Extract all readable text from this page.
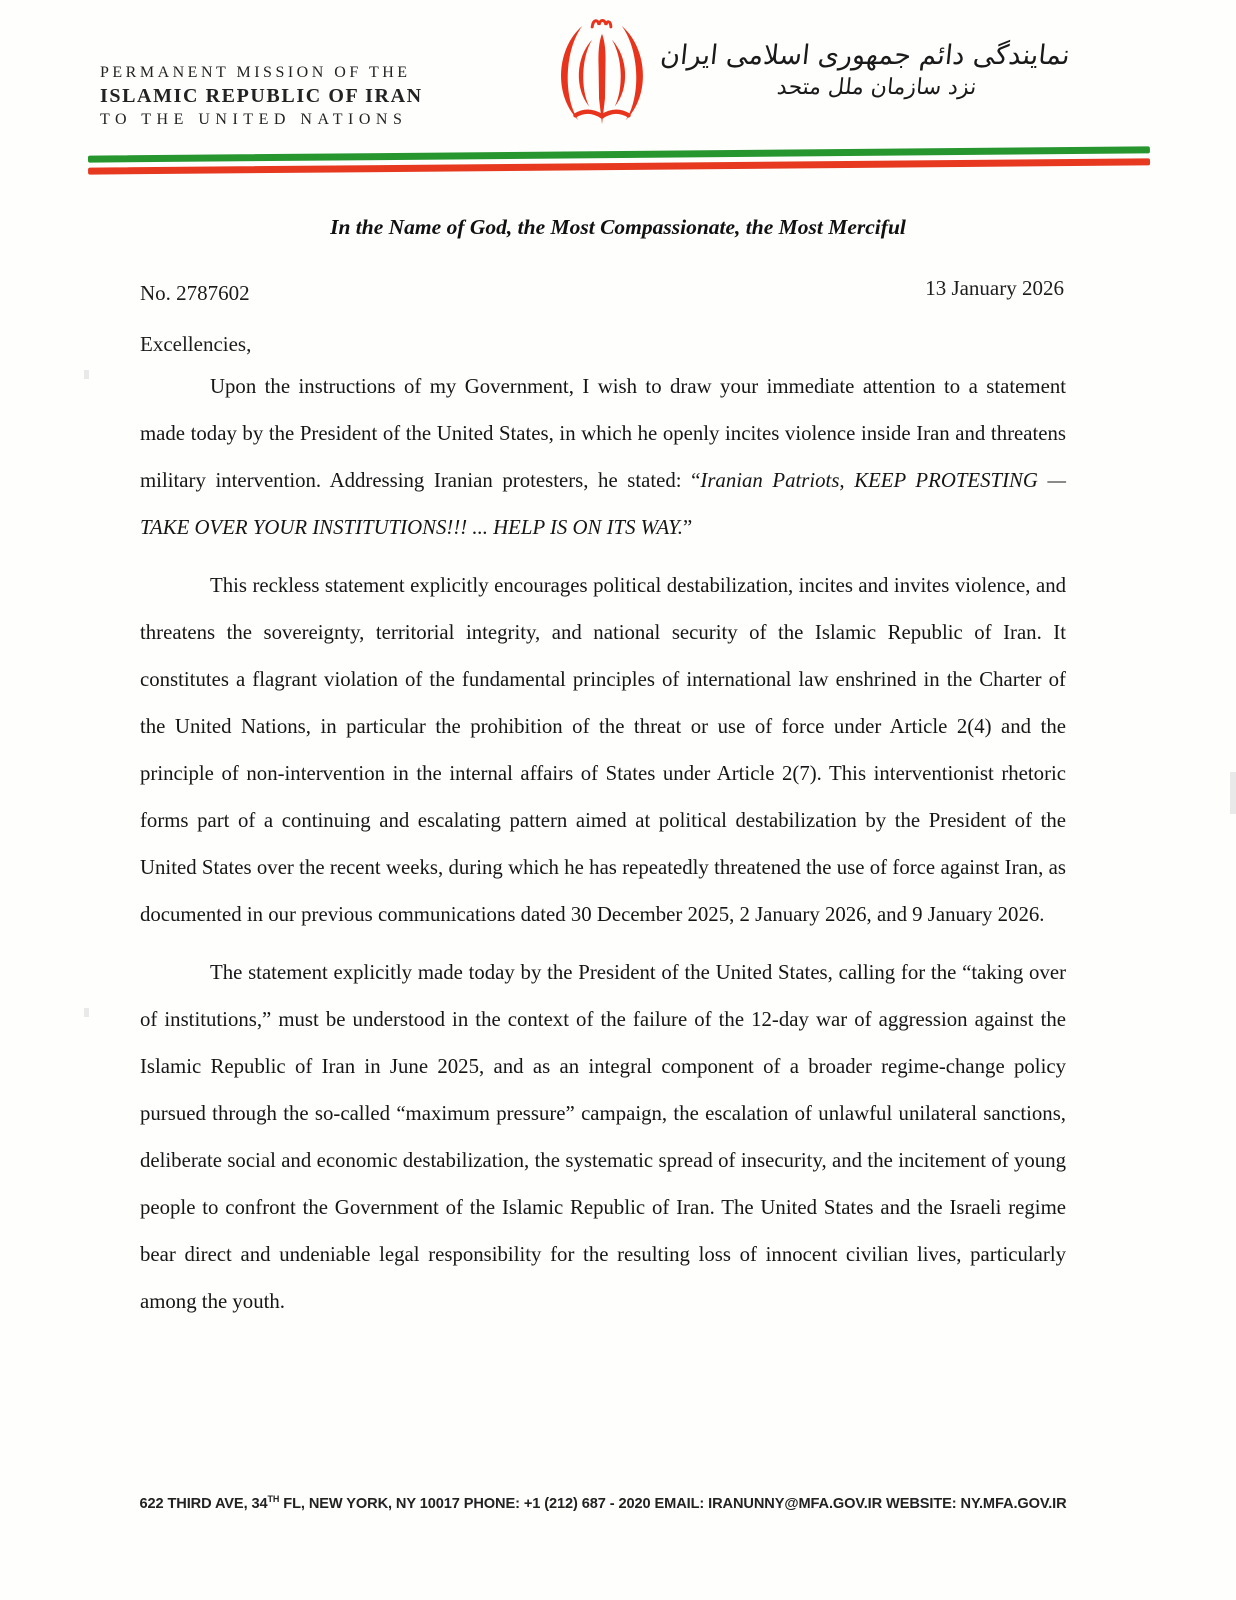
PERMANENT MISSION OF THE
ISLAMIC REPUBLIC OF IRAN
TO THE UNITED NATIONS
نمایندگی دائم جمهوری اسلامی ایران
نزد سازمان ملل متحد
In the Name of God, the Most Compassionate, the Most Merciful
No. 2787602	13 January 2026
Excellencies,

Upon the instructions of my Government, I wish to draw your immediate attention to a statement made today by the President of the United States, in which he openly incites violence inside Iran and threatens military intervention. Addressing Iranian protesters, he stated: “Iranian Patriots, KEEP PROTESTING — TAKE OVER YOUR INSTITUTIONS!!! ... HELP IS ON ITS WAY.”

This reckless statement explicitly encourages political destabilization, incites and invites violence, and threatens the sovereignty, territorial integrity, and national security of the Islamic Republic of Iran. It constitutes a flagrant violation of the fundamental principles of international law enshrined in the Charter of the United Nations, in particular the prohibition of the threat or use of force under Article 2(4) and the principle of non-intervention in the internal affairs of States under Article 2(7). This interventionist rhetoric forms part of a continuing and escalating pattern aimed at political destabilization by the President of the United States over the recent weeks, during which he has repeatedly threatened the use of force against Iran, as documented in our previous communications dated 30 December 2025, 2 January 2026, and 9 January 2026.

The statement explicitly made today by the President of the United States, calling for the “taking over of institutions,” must be understood in the context of the failure of the 12-day war of aggression against the Islamic Republic of Iran in June 2025, and as an integral component of a broader regime-change policy pursued through the so-called “maximum pressure” campaign, the escalation of unlawful unilateral sanctions, deliberate social and economic destabilization, the systematic spread of insecurity, and the incitement of young people to confront the Government of the Islamic Republic of Iran. The United States and the Israeli regime bear direct and undeniable legal responsibility for the resulting loss of innocent civilian lives, particularly among the youth.

622 THIRD AVE, 34TH FL, NEW YORK, NY 10017 PHONE: +1 (212) 687 - 2020 EMAIL: IRANUNNY@MFA.GOV.IR WEBSITE: NY.MFA.GOV.IR
